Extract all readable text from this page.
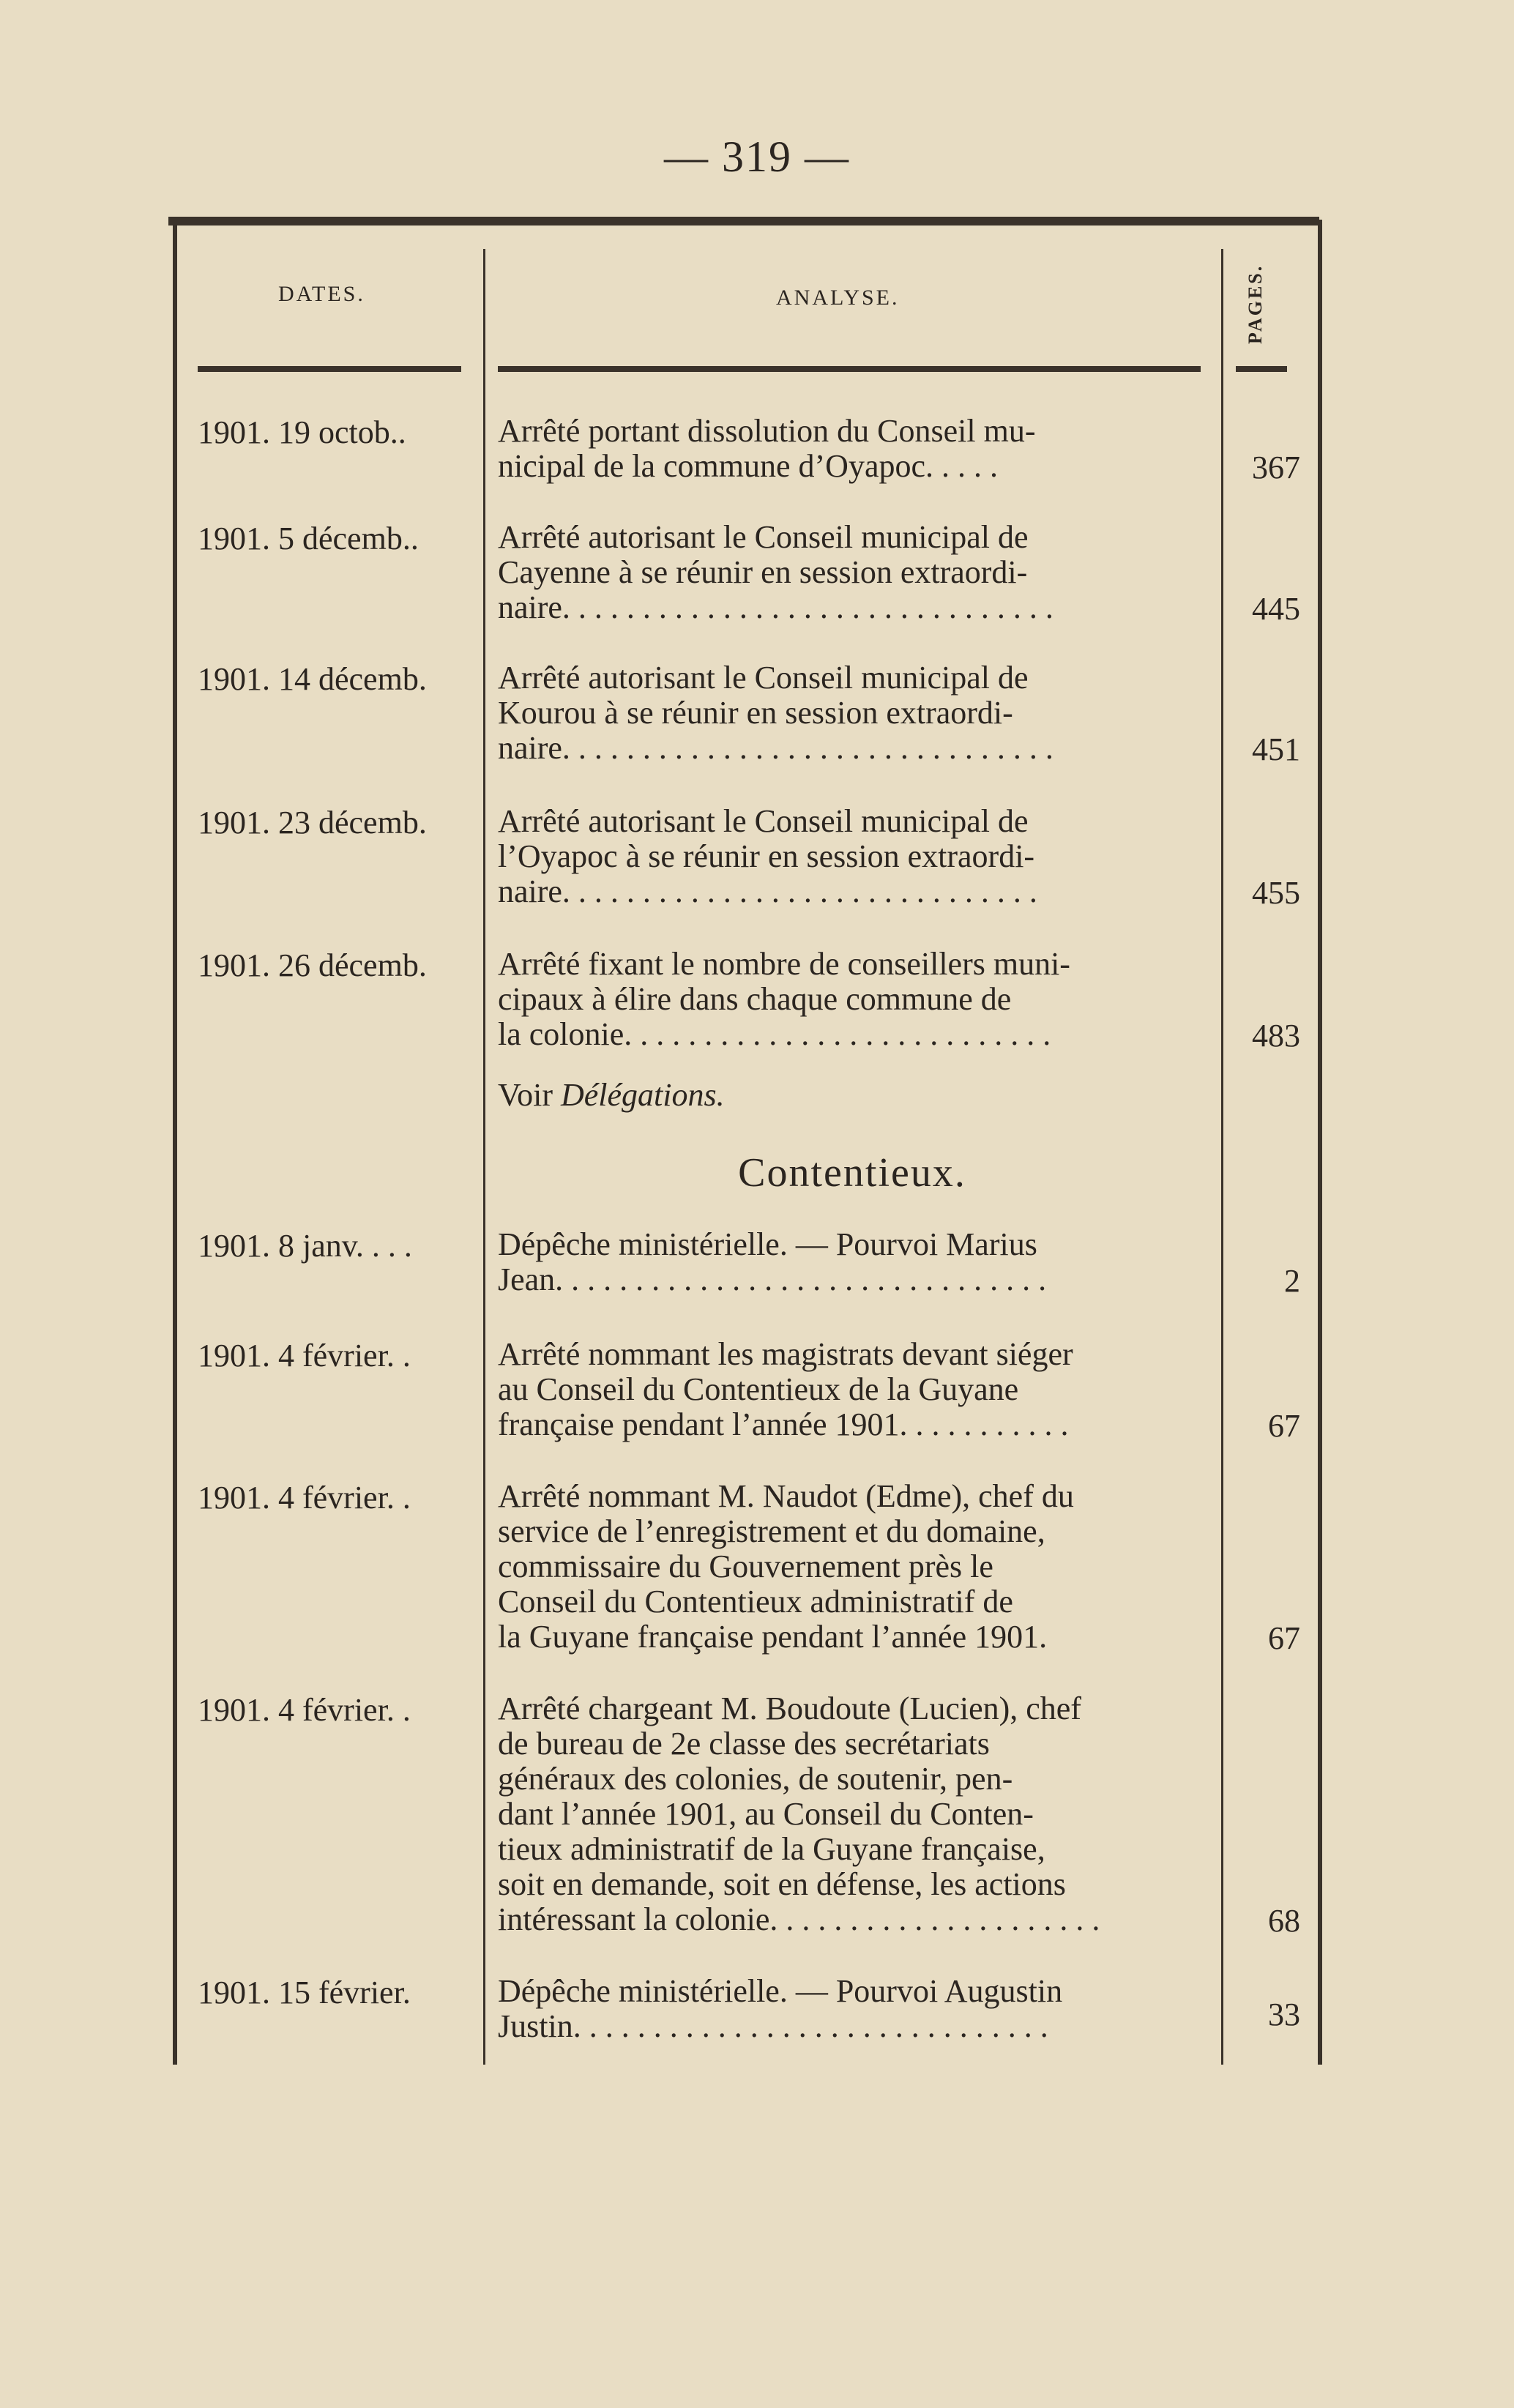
— 319 —
DATES.	ANALYSE.	PAGES.
1901. 19 octob..	Arrêté portant dissolution du Conseil mu-
nicipal de la commune d’Oyapoc. . . . .	367
1901. 5 décemb.. Arrêté autorisant le Conseil municipal de
Cayenne à se réunir en session extraordi-
naire. . . . . . . . . . . . . . . . . . . . . . . . . . . . . . .	445
1901. 14 décemb. Arrêté autorisant le Conseil municipal de
Kourou à se réunir en session extraordi-
naire. . . . . . . . . . . . . . . . . . . . . . . . . . . . . . .	451
1901. 23 décemb. Arrêté autorisant le Conseil municipal de
l’Oyapoc à se réunir en session extraordi-
naire. . . . . . . . . . . . . . . . . . . . . . . . . . . . . .	455
1901. 26 décemb. Arrêté fixant le nombre de conseillers muni-
cipaux à élire dans chaque commune de
la colonie. . . . . . . . . . . . . . . . . . . . . . . . . . .	483
Voir Délégations.
Contentieux.
1901. 8 janv. . . .	Dépêche ministérielle. — Pourvoi Marius
Jean. . . . . . . . . . . . . . . . . . . . . . . . . . . . . . .	2
1901. 4 février. .	Arrêté nommant les magistrats devant siéger
au Conseil du Contentieux de la Guyane
française pendant l’année 1901. . . . . . . . . . .	67
1901. 4 février. .	Arrêté nommant M. Naudot (Edme), chef du
service de l’enregistrement et du domaine,
commissaire du Gouvernement près le
Conseil du Contentieux administratif de
la Guyane française pendant l’année 1901.	67
1901. 4 février. .	Arrêté chargeant M. Boudoute (Lucien), chef
de bureau de 2e classe des secrétariats
généraux des colonies, de soutenir, pen-
dant l’année 1901, au Conseil du Conten-
tieux administratif de la Guyane française,
soit en demande, soit en défense, les actions
intéressant la colonie. . . . . . . . . . . . . . . . . . . . .	68
1901. 15 février.	Dépêche ministérielle. — Pourvoi Augustin
Justin. . . . . . . . . . . . . . . . . . . . . . . . . . . . . .	33
